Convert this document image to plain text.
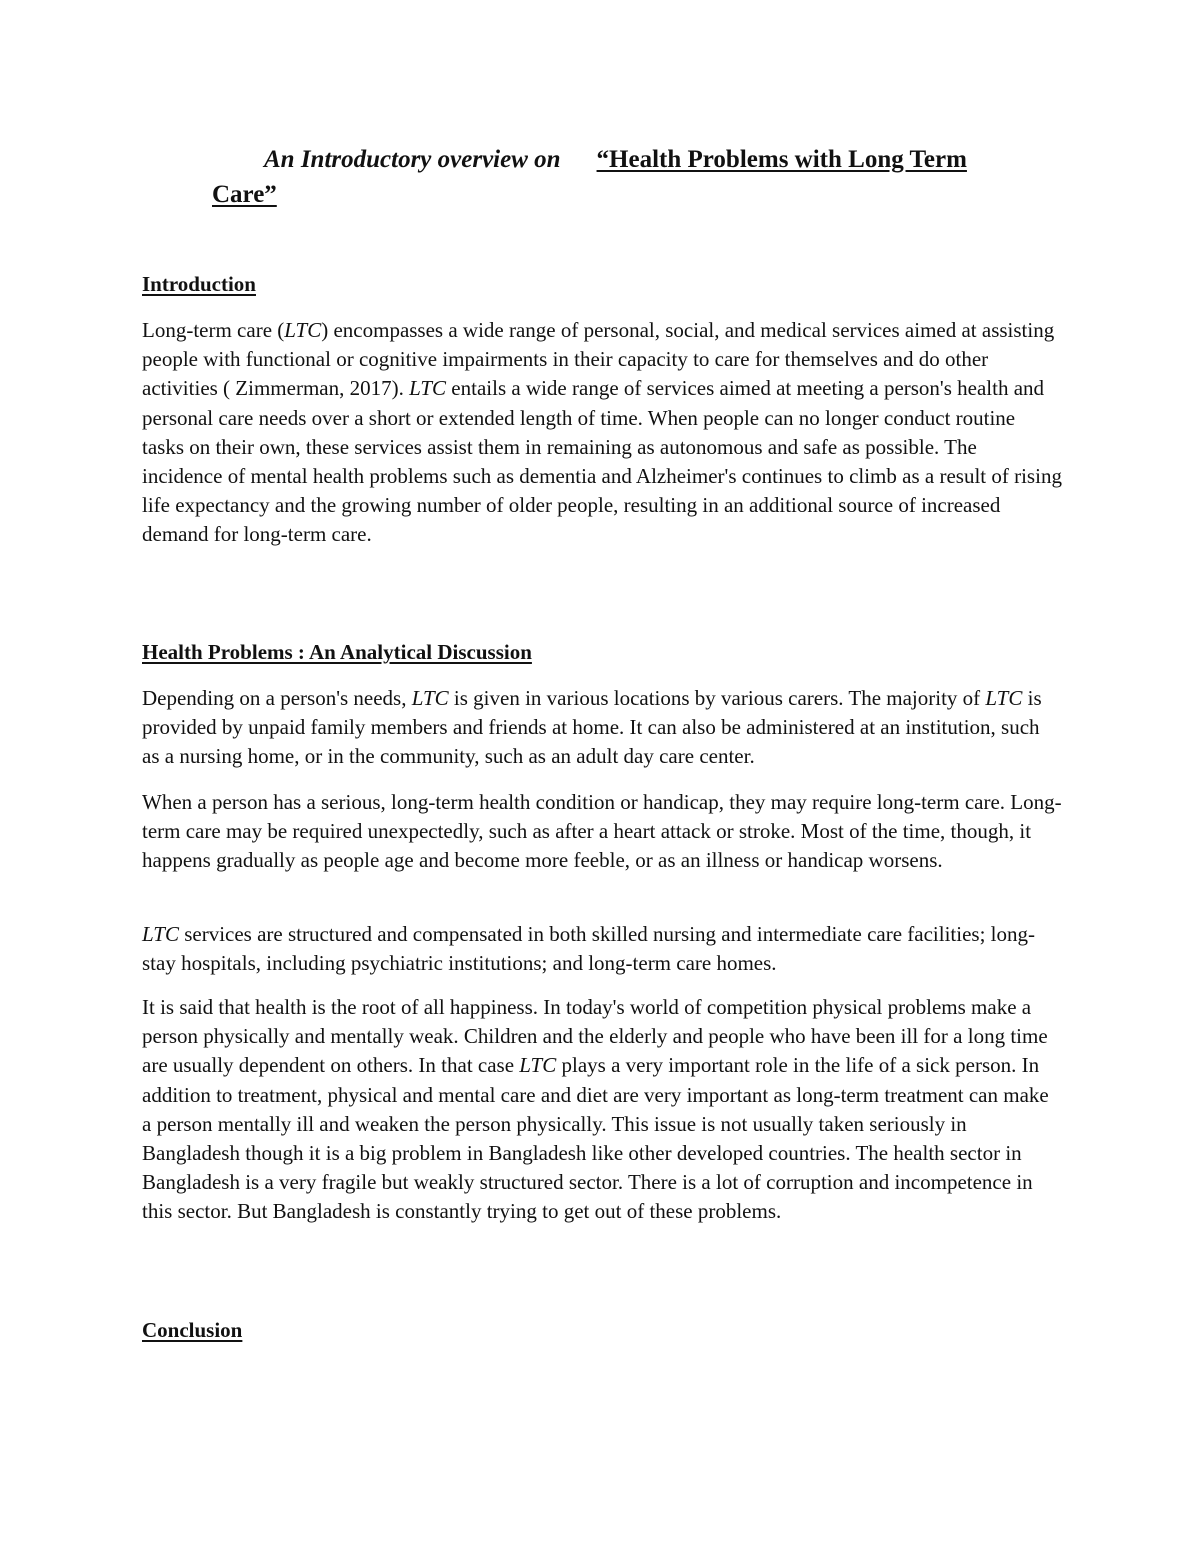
An Introductory overview on “Health Problems with Long Term
Care”
Introduction

Long-term care (LTC) encompasses a wide range of personal, social, and medical services aimed at assisting people with functional or cognitive impairments in their capacity to care for themselves and do other activities ( Zimmerman, 2017). LTC entails a wide range of services aimed at meeting a person's health and personal care needs over a short or extended length of time. When people can no longer conduct routine tasks on their own, these services assist them in remaining as autonomous and safe as possible. The incidence of mental health problems such as dementia and Alzheimer's continues to climb as a result of rising life expectancy and the growing number of older people, resulting in an additional source of increased demand for long-term care.

Health Problems : An Analytical Discussion

Depending on a person's needs, LTC is given in various locations by various carers. The majority of LTC is provided by unpaid family members and friends at home. It can also be administered at an institution, such as a nursing home, or in the community, such as an adult day care center.

When a person has a serious, long-term health condition or handicap, they may require long-term care. Long-term care may be required unexpectedly, such as after a heart attack or stroke. Most of the time, though, it happens gradually as people age and become more feeble, or as an illness or handicap worsens.

LTC services are structured and compensated in both skilled nursing and intermediate care facilities; long-stay hospitals, including psychiatric institutions; and long-term care homes.

It is said that health is the root of all happiness. In today's world of competition physical problems make a person physically and mentally weak. Children and the elderly and people who have been ill for a long time are usually dependent on others. In that case LTC plays a very important role in the life of a sick person. In addition to treatment, physical and mental care and diet are very important as long-term treatment can make a person mentally ill and weaken the person physically. This issue is not usually taken seriously in Bangladesh though it is a big problem in Bangladesh like other developed countries. The health sector in Bangladesh is a very fragile but weakly structured sector. There is a lot of corruption and incompetence in this sector. But Bangladesh is constantly trying to get out of these problems.

Conclusion
